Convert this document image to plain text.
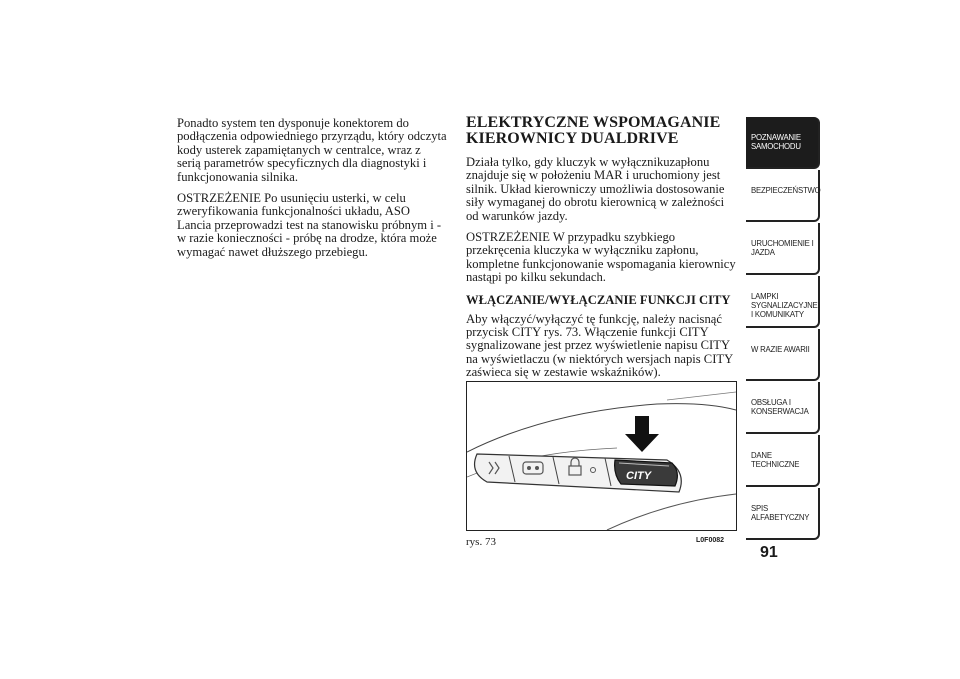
Ponadto system ten dysponuje konektorem do podłączenia odpowiedniego przyrządu, który odczyta kody usterek zapamiętanych w centralce, wraz z serią parametrów specyficznych dla diagnostyki i funkcjonowania silnika.

OSTRZEŻENIE Po usunięciu usterki, w celu zweryfikowania funkcjonalności układu, ASO Lancia przeprowadzi test na stanowisku próbnym i - w razie konieczności - próbę na drodze, która może wymagać nawet dłuższego przebiegu.

ELEKTRYCZNE WSPOMAGANIE KIEROWNICY DUALDRIVE

Działa tylko, gdy kluczyk w wyłącznikuzapłonu znajduje się w położeniu MAR i uruchomiony jest silnik. Układ kierowniczy umożliwia dostosowanie siły wymaganej do obrotu kierownicą w zależności od warunków jazdy.

OSTRZEŻENIE W przypadku szybkiego przekręcenia kluczyka w wyłączniku zapłonu, kompletne funkcjonowanie wspomagania kierownicy nastąpi po kilku sekundach.

WŁĄCZANIE/WYŁĄCZANIE FUNKCJI CITY

Aby włączyć/wyłączyć tę funkcję, należy nacisnąć przycisk CITY rys. 73. Włączenie funkcji CITY sygnalizowane jest przez wyświetlenie napisu CITY na wyświetlaczu (w niektórych wersjach napis CITY zaświeca się w zestawie wskaźników).

CITY
rys. 73	L0F0082
POZNAWANIE SAMOCHODU
BEZPIECZEŃSTWO
URUCHOMIENIE I JAZDA
LAMPKI SYGNALIZACYJNE I KOMUNIKATY
W RAZIE AWARII
OBSŁUGA I KONSERWACJA
DANE TECHNICZNE
SPIS ALFABETYCZNY
91
